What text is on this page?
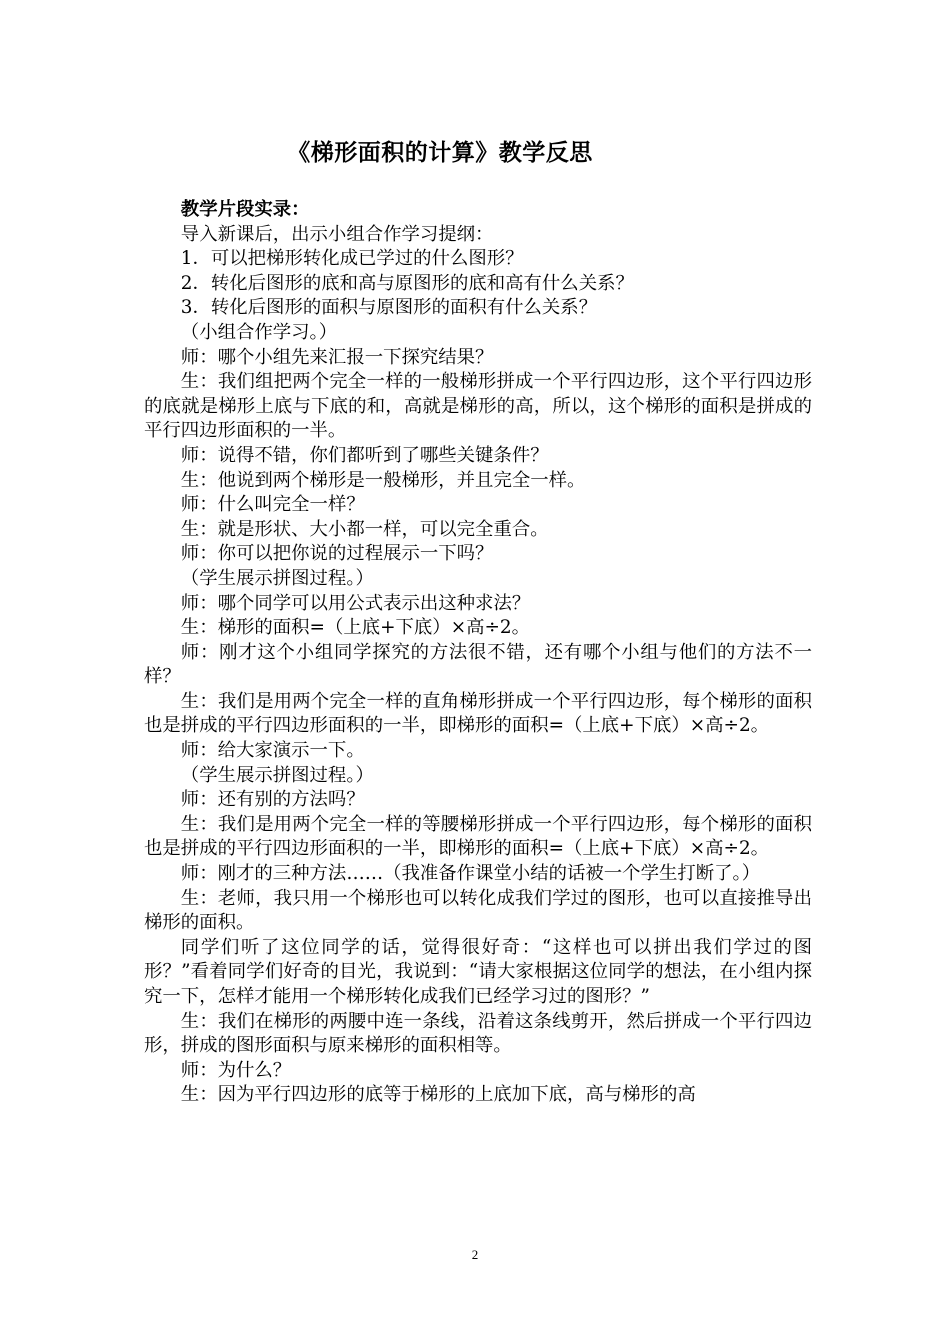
《梯形面积的计算》教学反思

教学片段实录：

导入新课后，出示小组合作学习提纲：

1．可以把梯形转化成已学过的什么图形？

2．转化后图形的底和高与原图形的底和高有什么关系？

3．转化后图形的面积与原图形的面积有什么关系？

（小组合作学习。）

师：哪个小组先来汇报一下探究结果？

生：我们组把两个完全一样的一般梯形拼成一个平行四边形，这个平行四边形的底就是梯形上底与下底的和，高就是梯形的高，所以，这个梯形的面积是拼成的平行四边形面积的一半。

师：说得不错，你们都听到了哪些关键条件？

生：他说到两个梯形是一般梯形，并且完全一样。

师：什么叫完全一样？

生：就是形状、大小都一样，可以完全重合。

师：你可以把你说的过程展示一下吗？

（学生展示拼图过程。）

师：哪个同学可以用公式表示出这种求法？

生：梯形的面积=（上底+下底）×高÷2。

师：刚才这个小组同学探究的方法很不错，还有哪个小组与他们的方法不一样？

生：我们是用两个完全一样的直角梯形拼成一个平行四边形，每个梯形的面积也是拼成的平行四边形面积的一半，即梯形的面积=（上底+下底）×高÷2。

师：给大家演示一下。

（学生展示拼图过程。）

师：还有别的方法吗？

生：我们是用两个完全一样的等腰梯形拼成一个平行四边形，每个梯形的面积也是拼成的平行四边形面积的一半，即梯形的面积=（上底+下底）×高÷2。

师：刚才的三种方法……（我准备作课堂小结的话被一个学生打断了。）

生：老师，我只用一个梯形也可以转化成我们学过的图形，也可以直接推导出梯形的面积。

同学们听了这位同学的话，觉得很好奇：“这样也可以拼出我们学过的图形？”看着同学们好奇的目光，我说到：“请大家根据这位同学的想法，在小组内探究一下，怎样才能用一个梯形转化成我们已经学习过的图形？”

生：我们在梯形的两腰中连一条线，沿着这条线剪开，然后拼成一个平行四边形，拼成的图形面积与原来梯形的面积相等。

师：为什么？

生：因为平行四边形的底等于梯形的上底加下底，高与梯形的高

2
